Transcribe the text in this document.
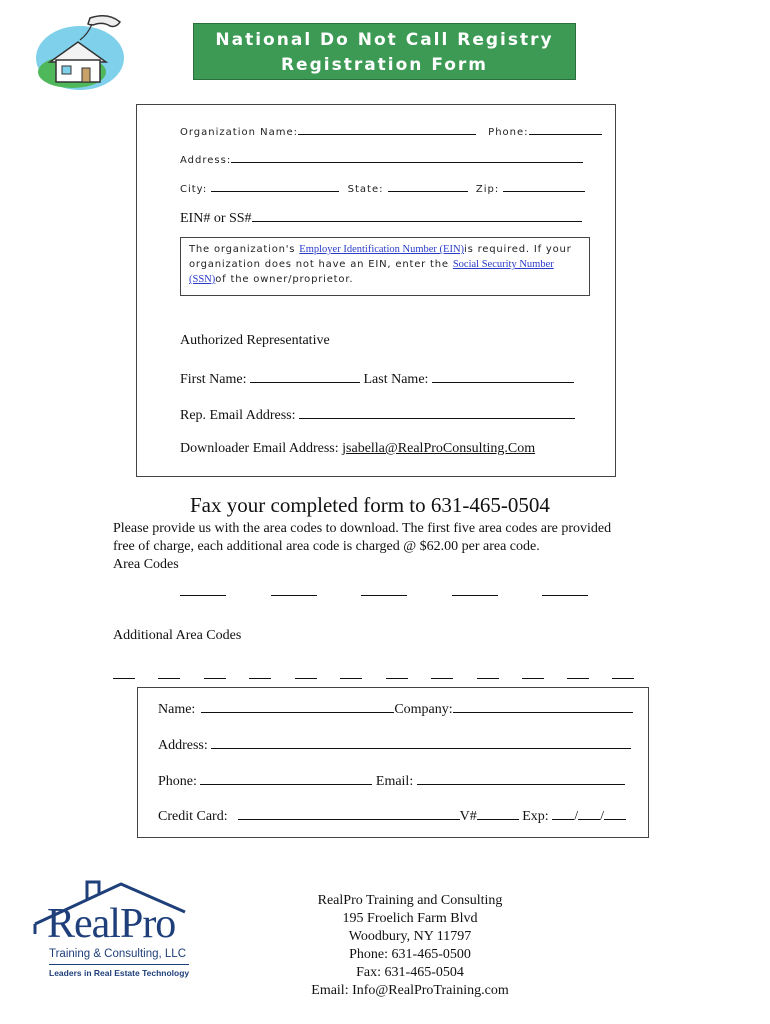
National Do Not Call Registry
Registration Form
Organization Name:	Phone:
Address:
City:	State:	Zip:
EIN# or SS#
The organization's Employer Identification Number (EIN)is required. If your organization does not have an EIN, enter the Social Security Number (SSN)of the owner/proprietor.
Authorized Representative
First Name:	Last Name:
Rep. Email Address:
Downloader Email Address: jsabella@RealProConsulting.Com
Fax your completed form to 631-465-0504
Please provide us with the area codes to download. The first five area codes are provided
free of charge, each additional area code is charged @ $62.00 per area code.
Area Codes
Additional Area Codes
Name:	Company:
Address:
Phone:	Email:
Credit Card:	V#	Exp: / /
RealPro
Training & Consulting, LLC
Leaders in Real Estate Technology
RealPro Training and Consulting
195 Froelich Farm Blvd
Woodbury, NY 11797
Phone: 631-465-0500
Fax: 631-465-0504
Email: Info@RealProTraining.com
